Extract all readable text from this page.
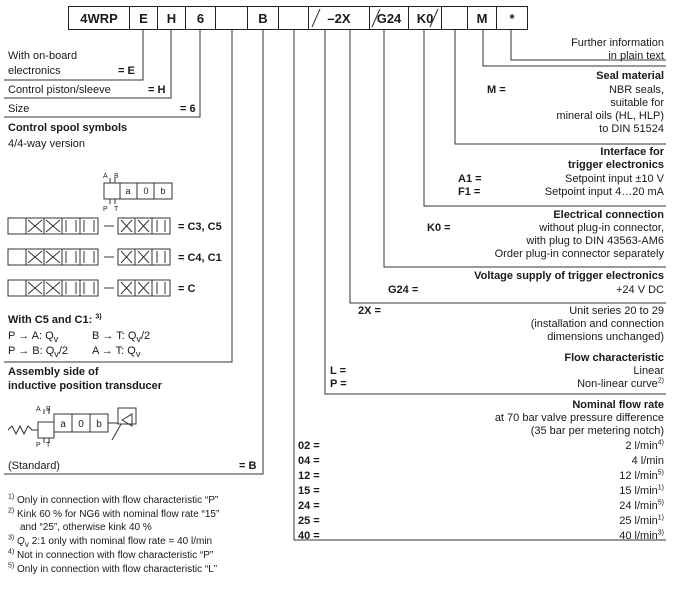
4WRP E H 6	B	–2X G24 K0	M *
A B
P T
a 0 b
A B
P T
a 0 b
With on-board
electronics	= E
Control piston/sleeve	= H
Size	= 6
Control spool symbols
4/4-way version
= C3, C5
= C4, C1
= C
With C5 and C1: $^{3)}$
P → A: $Q_v$	B → T: $Q_v/2$
P → B: $Q_v/2$ A → T: $Q_v$
Assembly side of
inductive position transducer
(Standard)	= B
Further information
in plain text
Seal material
M =	NBR seals,
suitable for
mineral oils (HL, HLP)
to DIN 51524
Interface for
trigger electronics
A1 =	Setpoint input ±10 V
F1 =	Setpoint input 4…20 mA
Electrical connection
without plug-in connector,
K0 =
with plug to DIN 43563-AM6
Order plug-in connector separately
Voltage supply of trigger electronics
G24 =	+24 V DC
2X =	Unit series 20 to 29
(installation and connection
dimensions unchanged)
Flow characteristic
L =	Linear
P =	Non-linear curve$^{2)}$
Nominal flow rate
at 70 bar valve pressure difference
(35 bar per metering notch)
02 =	2 $l/\min^{4)}$
04 =	4 l/min
12 =	12 $l/\min^{5)}$
15 =	15 $l/\min^{1)}$
24 =	24 $l/\min^{5)}$
25 =	25 $l/\min^{1)}$
40 =	40 $l/\min^{3)}$
$^{1)}$ Only in connection with flow characteristic “P”
$^{2)}$ Kink 60 % for NG6 with nominal flow rate “15”
and “25”, otherwise kink 40 %
$^{3)}$ $Q_v$ 2:1 only with nominal flow rate = 40 l/min
$^{4)}$ Not in connection with flow characteristic “P”
$^{5)}$ Only in connection with flow characteristic “L”
